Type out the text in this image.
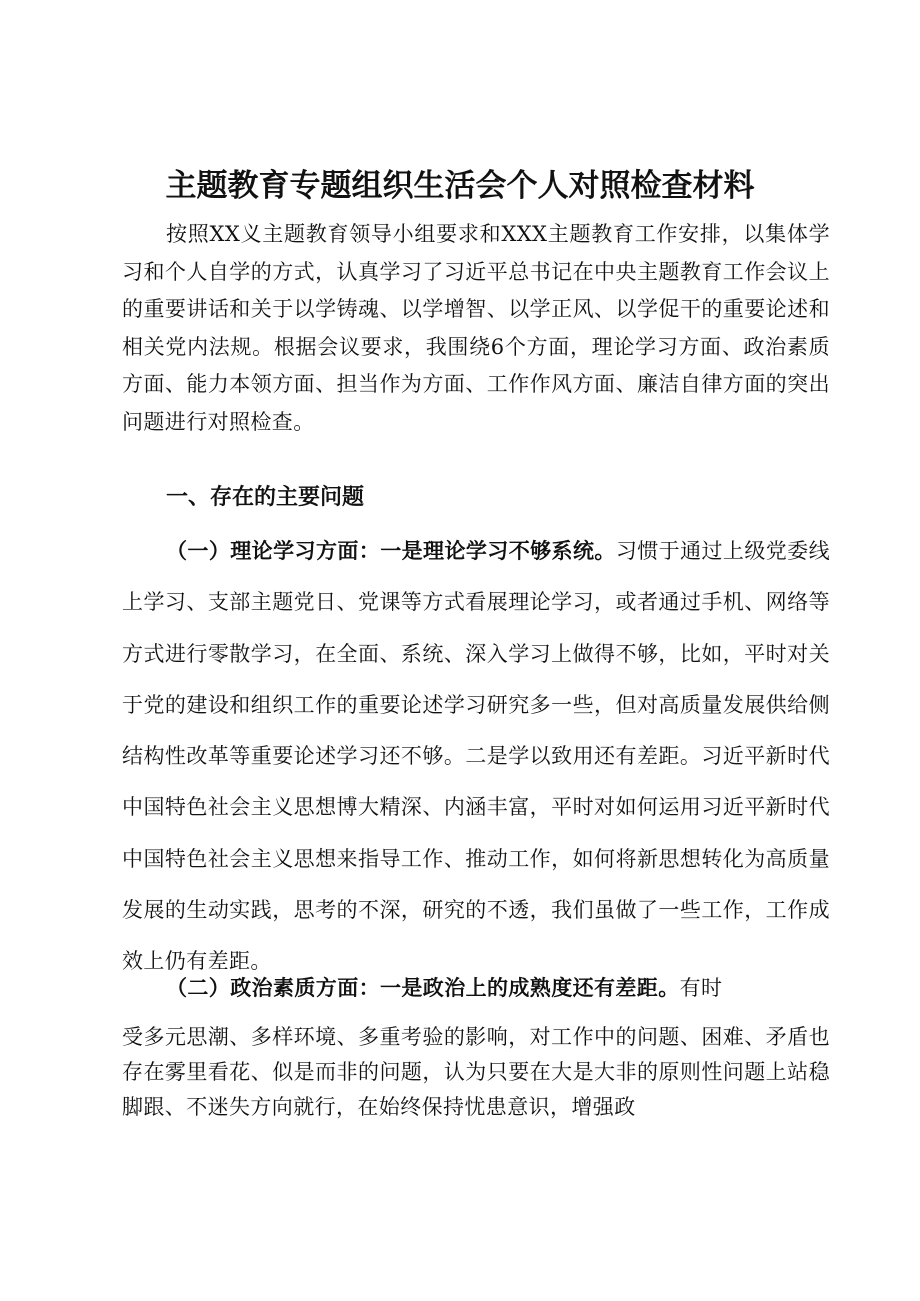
主题教育专题组织生活会个人对照检查材料

按照XX义主题教育领导小组要求和XXX主题教育工作安排，以集体学习和个人自学的方式，认真学习了习近平总书记在中央主题教育工作会议上的重要讲话和关于以学铸魂、以学增智、以学正风、以学促干的重要论述和相关党内法规。根据会议要求，我围绕6个方面，理论学习方面、政治素质方面、能力本领方面、担当作为方面、工作作风方面、廉洁自律方面的突出问题进行对照检查。

一、存在的主要问题

（一）理论学习方面：一是理论学习不够系统。习惯于通过上级党委线上学习、支部主题党日、党课等方式看展理论学习，或者通过手机、网络等方式进行零散学习，在全面、系统、深入学习上做得不够，比如，平时对关于党的建设和组织工作的重要论述学习研究多一些，但对高质量发展供给侧结构性改革等重要论述学习还不够。二是学以致用还有差距。习近平新时代中国特色社会主义思想博大精深、内涵丰富，平时对如何运用习近平新时代中国特色社会主义思想来指导工作、推动工作，如何将新思想转化为高质量发展的生动实践，思考的不深，研究的不透，我们虽做了一些工作，工作成效上仍有差距。

（二）政治素质方面：一是政治上的成熟度还有差距。有时

受多元思潮、多样环境、多重考验的影响，对工作中的问题、困难、矛盾也存在雾里看花、似是而非的问题，认为只要在大是大非的原则性问题上站稳脚跟、不迷失方向就行，在始终保持忧患意识，增强政
